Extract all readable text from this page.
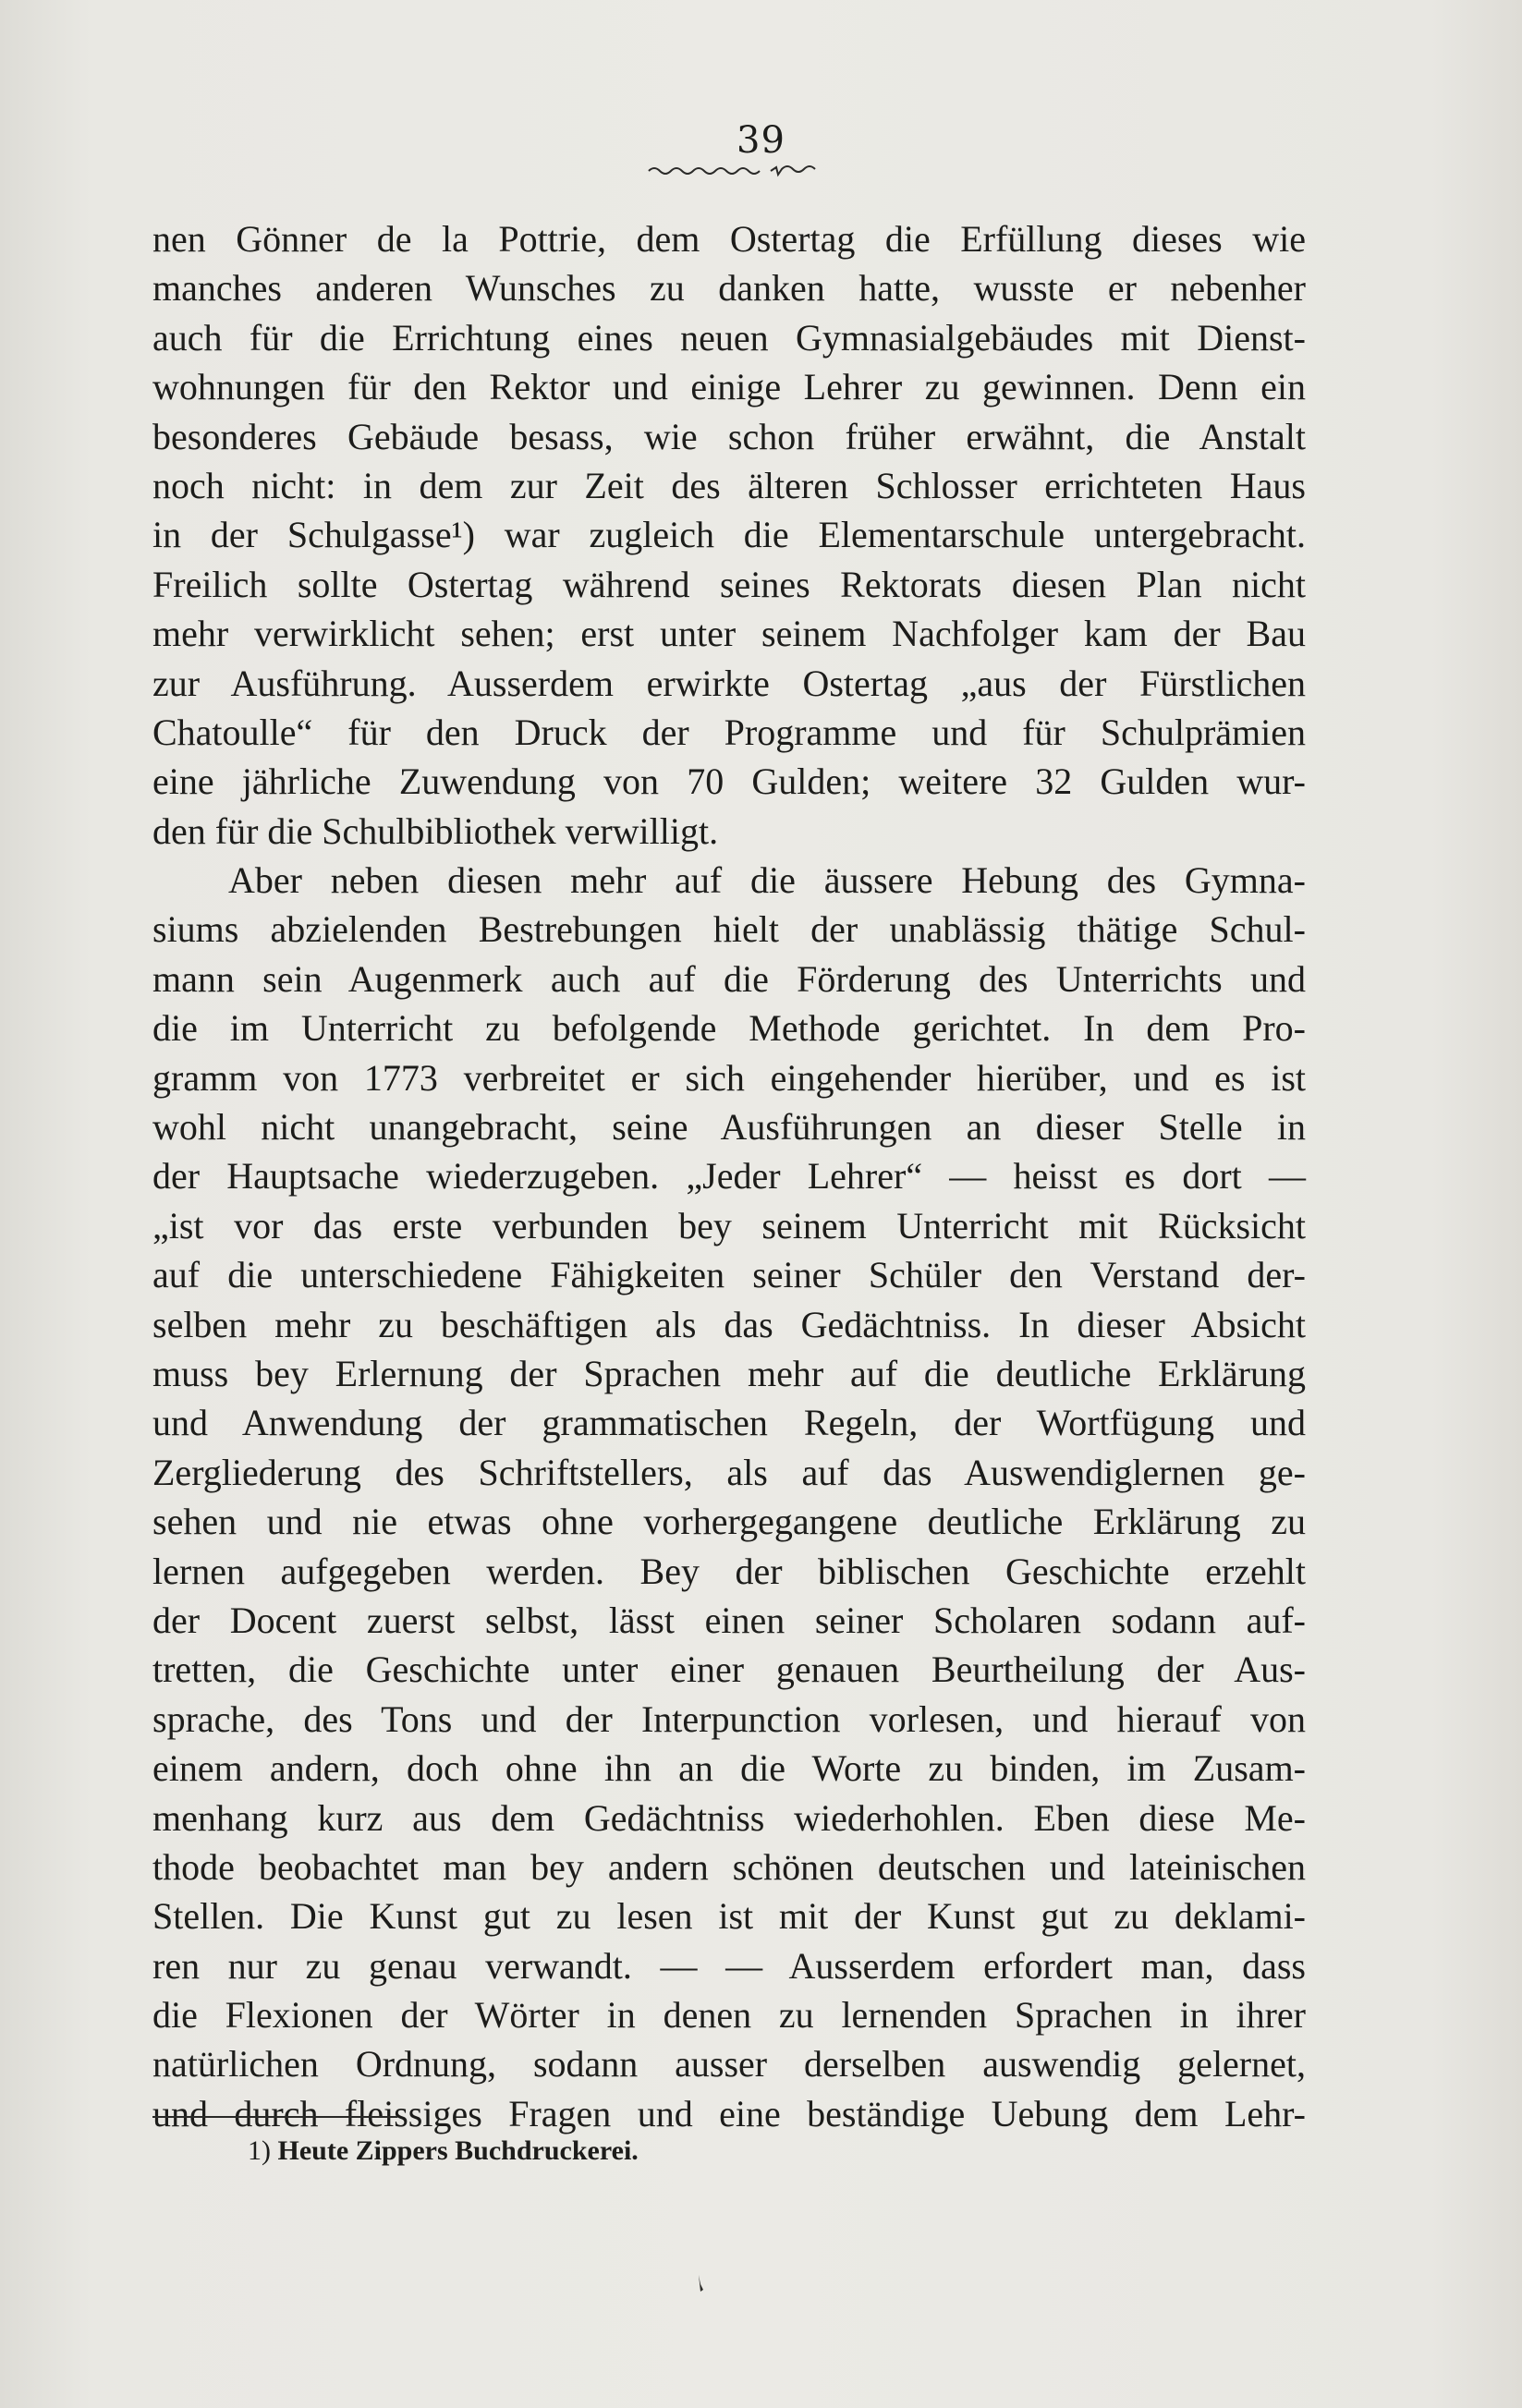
39
nen Gönner de la Pottrie, dem Ostertag die Erfüllung dieses wie
manches anderen Wunsches zu danken hatte, wusste er nebenher
auch für die Errichtung eines neuen Gymnasialgebäudes mit Dienst-
wohnungen für den Rektor und einige Lehrer zu gewinnen. Denn ein
besonderes Gebäude besass, wie schon früher erwähnt, die Anstalt
noch nicht: in dem zur Zeit des älteren Schlosser errichteten Haus
in der Schulgasse¹) war zugleich die Elementarschule untergebracht.
Freilich sollte Ostertag während seines Rektorats diesen Plan nicht
mehr verwirklicht sehen; erst unter seinem Nachfolger kam der Bau
zur Ausführung. Ausserdem erwirkte Ostertag „aus der Fürstlichen
Chatoulle“ für den Druck der Programme und für Schulprämien
eine jährliche Zuwendung von 70 Gulden; weitere 32 Gulden wur-
den für die Schulbibliothek verwilligt.
Aber neben diesen mehr auf die äussere Hebung des Gymna-
siums abzielenden Bestrebungen hielt der unablässig thätige Schul-
mann sein Augenmerk auch auf die Förderung des Unterrichts und
die im Unterricht zu befolgende Methode gerichtet. In dem Pro-
gramm von 1773 verbreitet er sich eingehender hierüber, und es ist
wohl nicht unangebracht, seine Ausführungen an dieser Stelle in
der Hauptsache wiederzugeben. „Jeder Lehrer“ — heisst es dort —
„ist vor das erste verbunden bey seinem Unterricht mit Rücksicht
auf die unterschiedene Fähigkeiten seiner Schüler den Verstand der-
selben mehr zu beschäftigen als das Gedächtniss. In dieser Absicht
muss bey Erlernung der Sprachen mehr auf die deutliche Erklärung
und Anwendung der grammatischen Regeln, der Wortfügung und
Zergliederung des Schriftstellers, als auf das Auswendiglernen ge-
sehen und nie etwas ohne vorhergegangene deutliche Erklärung zu
lernen aufgegeben werden. Bey der biblischen Geschichte erzehlt
der Docent zuerst selbst, lässt einen seiner Scholaren sodann auf-
tretten, die Geschichte unter einer genauen Beurtheilung der Aus-
sprache, des Tons und der Interpunction vorlesen, und hierauf von
einem andern, doch ohne ihn an die Worte zu binden, im Zusam-
menhang kurz aus dem Gedächtniss wiederhohlen. Eben diese Me-
thode beobachtet man bey andern schönen deutschen und lateinischen
Stellen. Die Kunst gut zu lesen ist mit der Kunst gut zu deklami-
ren nur zu genau verwandt. — — Ausserdem erfordert man, dass
die Flexionen der Wörter in denen zu lernenden Sprachen in ihrer
natürlichen Ordnung, sodann ausser derselben auswendig gelernet,
und durch fleissiges Fragen und eine beständige Uebung dem Lehr-
1) Heute Zippers Buchdruckerei.
